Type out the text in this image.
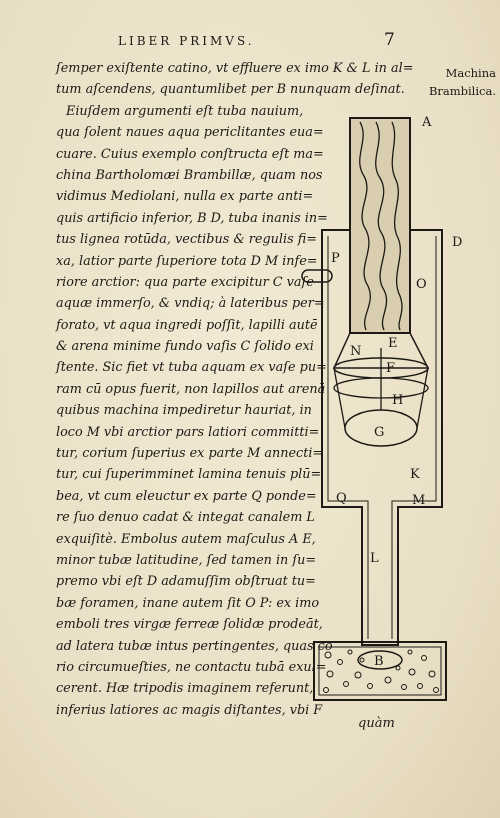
LIBER PRIMVS.	7
Machina
Brambilica.
ſemper exiſtente catino, vt effluere ex imo K & L in al=
tum aſcendens, quantumlibet per B nunquam deſinat.
Eiuſdem argumenti eſt tuba nauium,
qua ſolent naues aqua periclitantes eua=
cuare. Cuius exemplo conſtructa eſt ma=
china Bartholomæi Brambillæ, quam nos
vidimus Mediolani, nulla ex parte anti=
quis artificio inferior, B D, tuba inanis in=
tus lignea rotūda, vectibus & regulis fi=
xa, latior parte ſuperiore tota D M infe=
riore arctior: qua parte excipitur C vaſe
aquæ immerſo, & vndiq; à lateribus per=
forato, vt aqua ingredi poſſit, lapilli autē
& arena minime fundo vaſis C ſolido exi
ſtente. Sic fiet vt tuba aquam ex vaſe pu=
ram cū opus fuerit, non lapillos aut arenā
quibus machina impediretur hauriat, in
loco M vbi arctior pars latiori committi=
tur, corium ſuperius ex parte M annecti=
tur, cui ſuperimminet lamina tenuis plū=
bea, vt cum eleuctur ex parte Q ponde=
re ſuo denuo cadat & integat canalem L
exquiſitè. Embolus autem maſculus A E,
minor tubæ latitudine, ſed tamen in ſu=
premo vbi eſt D adamuſſim obſtruat tu=
bæ foramen, inane autem ſit O P: ex imo
emboli tres virgæ ferreæ ſolidæ prodeāt,
ad latera tubæ intus pertingentes, quas co
rio circumueſties, ne contactu tubā exul=
cerent. Hæ tripodis imaginem referunt,
inferius latiores ac magis diſtantes, vbi F
A
D
P
O
N
E
F
H
G
K
M
Q
L
B
quàm
